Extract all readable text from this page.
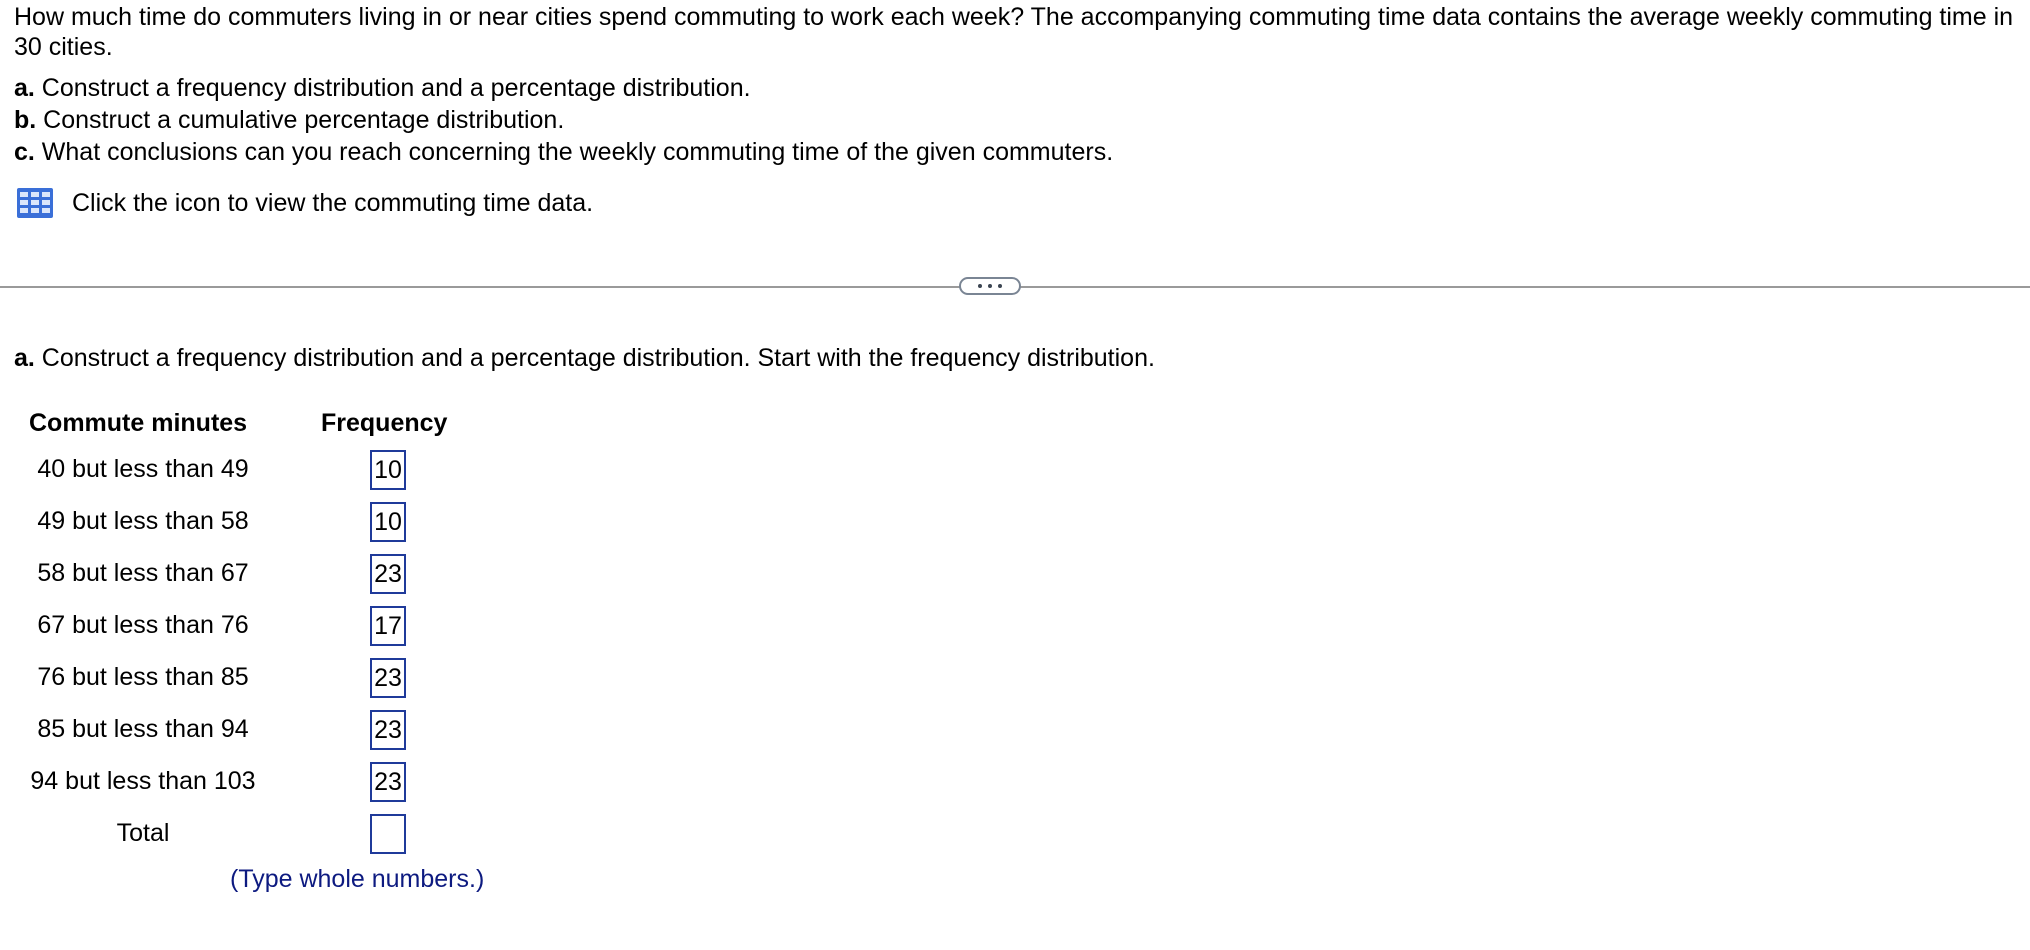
How much time do commuters living in or near cities spend commuting to work each week? The accompanying commuting time data contains the average weekly commuting time in 30 cities.
a. Construct a frequency distribution and a percentage distribution.
b. Construct a cumulative percentage distribution.
c. What conclusions can you reach concerning the weekly commuting time of the given commuters.
Click the icon to view the commuting time data.
a. Construct a frequency distribution and a percentage distribution. Start with the frequency distribution.
Commute minutes	Frequency
40 but less than 49
10
49 but less than 58
10
58 but less than 67
23
67 but less than 76
17
76 but less than 85
23
85 but less than 94
23
94 but less than 103
23
Total
(Type whole numbers.)
